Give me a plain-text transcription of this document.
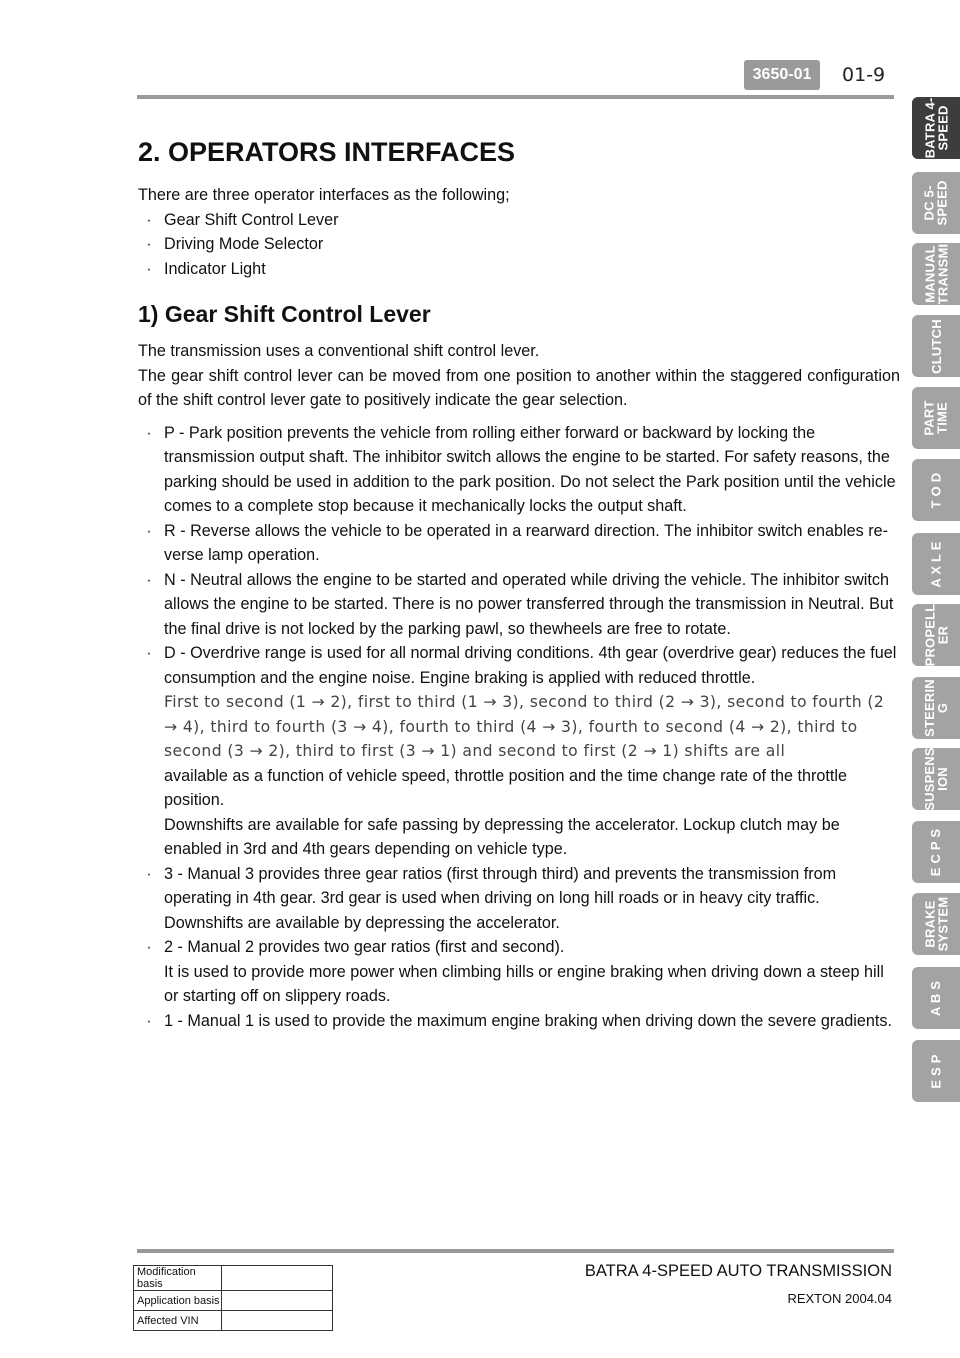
3650-01	01-9
2. OPERATORS INTERFACES
There are three operator interfaces as the following;
· Gear Shift Control Lever
· Driving Mode Selector
· Indicator Light
1) Gear Shift Control Lever
The transmission uses a conventional shift control lever.
The gear shift control lever can be moved from one position to another within the staggered configuration of the shift control lever gate to positively indicate the gear selection.
· P - Park position prevents the vehicle from rolling either forward or backward by locking the transmission output shaft. The inhibitor switch allows the engine to be started. For safety reasons, the parking should be used in addition to the park position. Do not select the Park position until the vehicle comes to a complete stop because it mechanically locks the output shaft.
· R - Reverse allows the vehicle to be operated in a rearward direction. The inhibitor switch enables re-verse lamp operation.
· N - Neutral allows the engine to be started and operated while driving the vehicle. The inhibitor switch allows the engine to be started. There is no power transferred through the transmission in Neutral. But the final drive is not locked by the parking pawl, so thewheels are free to rotate.
· D - Overdrive range is used for all normal driving conditions. 4th gear (overdrive gear) reduces the fuel consumption and the engine noise. Engine braking is applied with reduced throttle.
First to second (1 → 2), first to third (1 → 3), second to third (2 → 3), second to fourth (2 → 4), third to fourth (3 → 4), fourth to third (4 → 3), fourth to second (4 → 2), third to second (3 → 2), third to first (3 → 1) and second to first (2 → 1) shifts are all
available as a function of vehicle speed, throttle position and the time change rate of the throttle position.
Downshifts are available for safe passing by depressing the accelerator. Lockup clutch may be enabled in 3rd and 4th gears depending on vehicle type.
· 3 - Manual 3 provides three gear ratios (first through third) and prevents the transmission from operating in 4th gear. 3rd gear is used when driving on long hill roads or in heavy city traffic. Downshifts are available by depressing the accelerator.
· 2 - Manual 2 provides two gear ratios (first and second).
It is used to provide more power when climbing hills or engine braking when driving down a steep hill or starting off on slippery roads.
· 1 - Manual 1 is used to provide the maximum engine braking when driving down the severe gradients.
BATRA 4-
SPEED
DC 5-
SPEED
MANUAL
TRANSMI
CLUTCH
PART
TIME
T O D
A X L E
PROPELL
ER
STEERIN
G
SUSPENS
ION
E C P S
BRAKE
SYSTEM
A B S
E S P
BATRA 4-SPEED AUTO TRANSMISSION
REXTON 2004.04
Modification basis	
Application basis	
Affected VIN	
